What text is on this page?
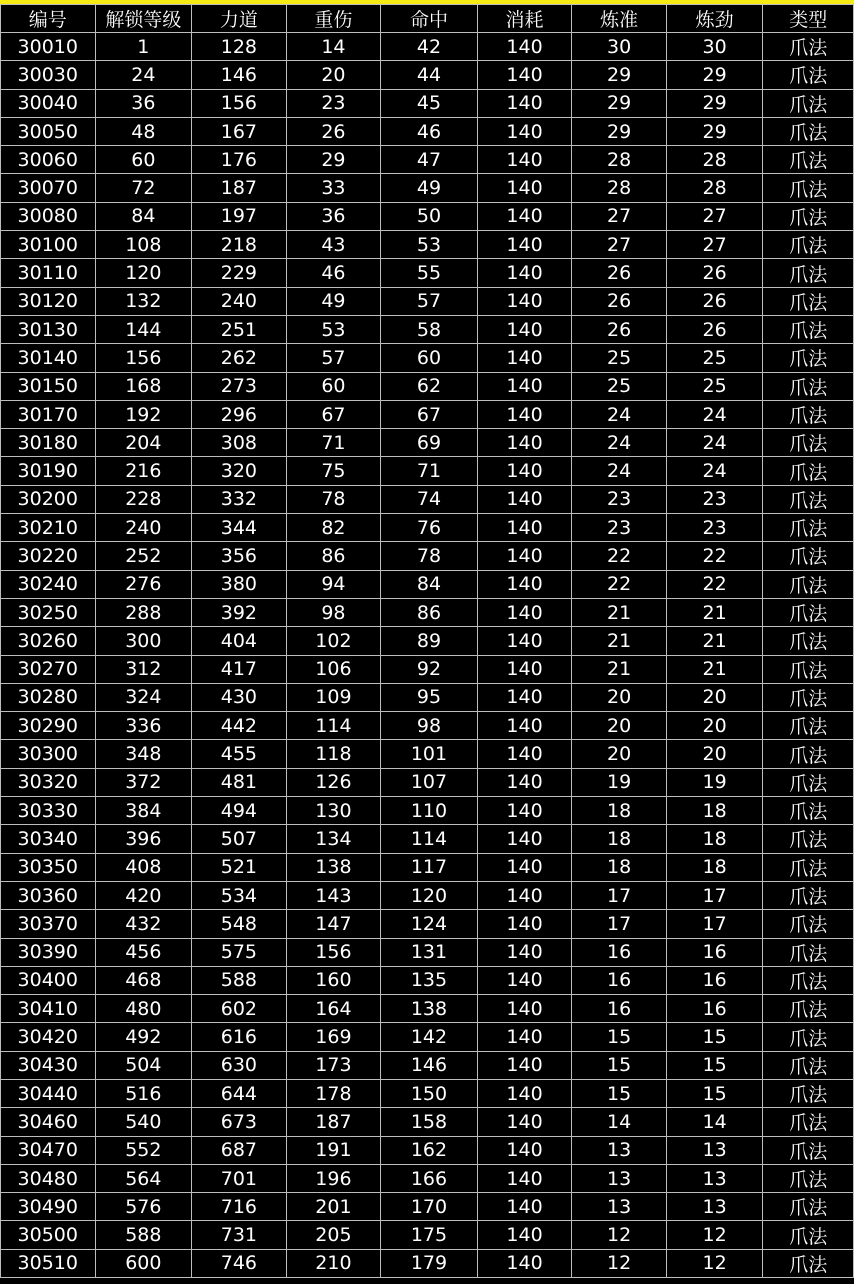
编号	解锁等级	力道	重伤	命中	消耗	炼准	炼劲	类型
30010	1	128	14	42	140	30	30	爪法
30030	24	146	20	44	140	29	29	爪法
30040	36	156	23	45	140	29	29	爪法
30050	48	167	26	46	140	29	29	爪法
30060	60	176	29	47	140	28	28	爪法
30070	72	187	33	49	140	28	28	爪法
30080	84	197	36	50	140	27	27	爪法
30100	108	218	43	53	140	27	27	爪法
30110	120	229	46	55	140	26	26	爪法
30120	132	240	49	57	140	26	26	爪法
30130	144	251	53	58	140	26	26	爪法
30140	156	262	57	60	140	25	25	爪法
30150	168	273	60	62	140	25	25	爪法
30170	192	296	67	67	140	24	24	爪法
30180	204	308	71	69	140	24	24	爪法
30190	216	320	75	71	140	24	24	爪法
30200	228	332	78	74	140	23	23	爪法
30210	240	344	82	76	140	23	23	爪法
30220	252	356	86	78	140	22	22	爪法
30240	276	380	94	84	140	22	22	爪法
30250	288	392	98	86	140	21	21	爪法
30260	300	404	102	89	140	21	21	爪法
30270	312	417	106	92	140	21	21	爪法
30280	324	430	109	95	140	20	20	爪法
30290	336	442	114	98	140	20	20	爪法
30300	348	455	118	101	140	20	20	爪法
30320	372	481	126	107	140	19	19	爪法
30330	384	494	130	110	140	18	18	爪法
30340	396	507	134	114	140	18	18	爪法
30350	408	521	138	117	140	18	18	爪法
30360	420	534	143	120	140	17	17	爪法
30370	432	548	147	124	140	17	17	爪法
30390	456	575	156	131	140	16	16	爪法
30400	468	588	160	135	140	16	16	爪法
30410	480	602	164	138	140	16	16	爪法
30420	492	616	169	142	140	15	15	爪法
30430	504	630	173	146	140	15	15	爪法
30440	516	644	178	150	140	15	15	爪法
30460	540	673	187	158	140	14	14	爪法
30470	552	687	191	162	140	13	13	爪法
30480	564	701	196	166	140	13	13	爪法
30490	576	716	201	170	140	13	13	爪法
30500	588	731	205	175	140	12	12	爪法
30510	600	746	210	179	140	12	12	爪法
